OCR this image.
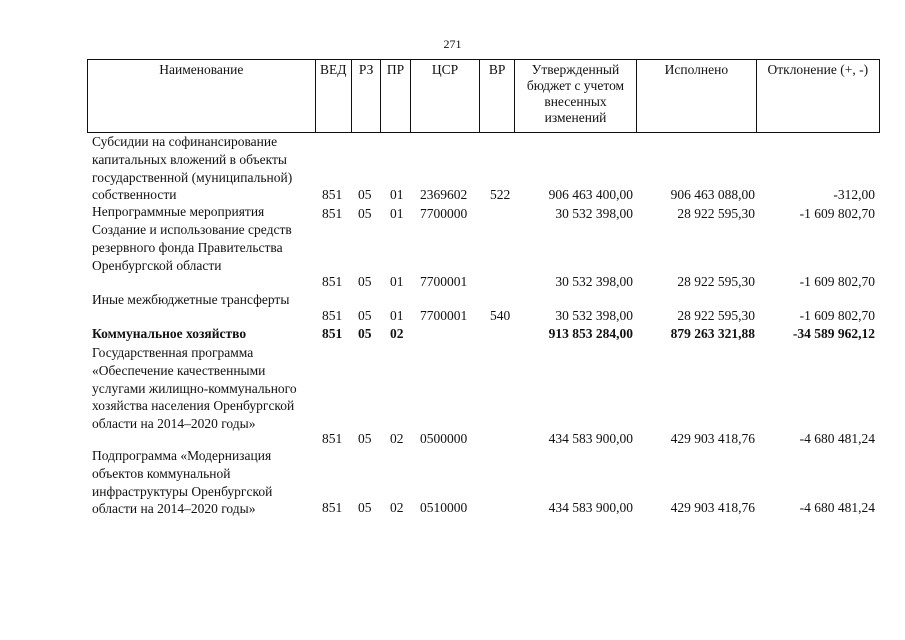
271
Наименование	ВЕД	РЗ	ПР	ЦСР	ВР	Утвержденный бюджет с учетом внесенных изменений	Исполнено	Отклонение (+, -)
Субсидии на софинансирование капитальных вложений в объекты государственной (муниципальной) собственности	851 05 01 2369602 522	906 463 400,00	906 463 088,00	-312,00
Непрограммные мероприятия	851 05 01 7700000	30 532 398,00	28 922 595,30	-1 609 802,70
Создание и использование средств резервного фонда Правительства Оренбургской области
851 05 01 7700001	30 532 398,00	28 922 595,30	-1 609 802,70
Иные межбюджетные трансферты
851 05 01 7700001 540	30 532 398,00	28 922 595,30	-1 609 802,70
Коммунальное хозяйство	851 05 02	913 853 284,00	879 263 321,88	-34 589 962,12
Государственная программа «Обеспечение качественными услугами жилищно-коммунального хозяйства населения Оренбургской области на 2014–2020 годы»
851 05 02 0500000	434 583 900,00	429 903 418,76	-4 680 481,24
Подпрограмма «Модернизация объектов коммунальной инфраструктуры Оренбургской области на 2014–2020 годы»	851 05 02 0510000	434 583 900,00	429 903 418,76	-4 680 481,24
